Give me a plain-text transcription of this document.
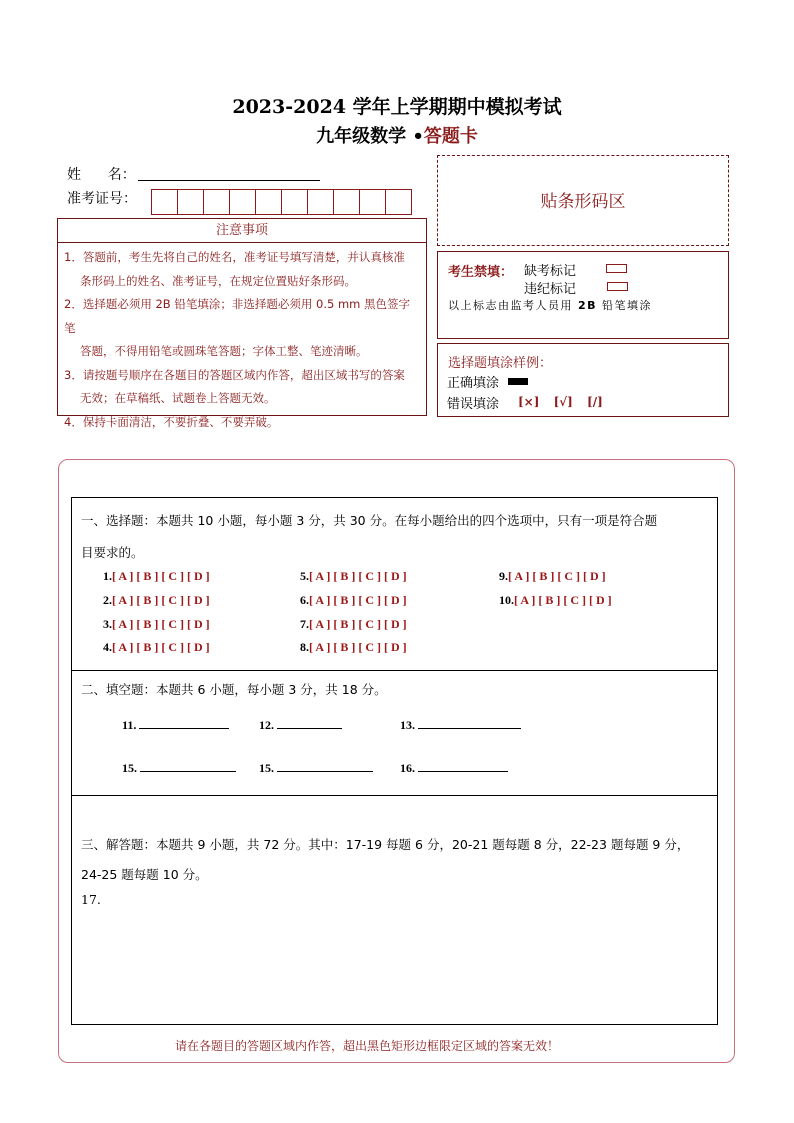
2023-2024 学年上学期期中模拟考试
九年级数学 •答题卡
姓      名：
准考证号：
注意事项

1．答题前，考生先将自己的姓名，准考证号填写清楚，并认真核准

条形码上的姓名、准考证号，在规定位置贴好条形码。

2．选择题必须用 2B 铅笔填涂；非选择题必须用 0.5 mm 黑色签字笔

答题，不得用铅笔或圆珠笔答题；字体工整、笔迹清晰。

3．请按题号顺序在各题目的答题区域内作答，超出区域书写的答案

无效；在草稿纸、试题卷上答题无效。

4．保持卡面清洁，不要折叠、不要弄破。

贴条形码区
考生禁填： 缺考标记
违纪标记
以上标志由监考人员用 2B 铅笔填涂
选择题填涂样例：
正确填涂
错误填涂 [×] [√] [/]
一、选择题：本题共 10 小题，每小题 3 分，共 30 分。在每小题给出的四个选项中，只有一项是符合题
目要求的。
1.[ A ] [ B ] [ C ] [ D ]
2.[ A ] [ B ] [ C ] [ D ]
3.[ A ] [ B ] [ C ] [ D ]
4.[ A ] [ B ] [ C ] [ D ]
5.[ A ] [ B ] [ C ] [ D ]
6.[ A ] [ B ] [ C ] [ D ]
7.[ A ] [ B ] [ C ] [ D ]
8.[ A ] [ B ] [ C ] [ D ]
9.[ A ] [ B ] [ C ] [ D ]
10.[ A ] [ B ] [ C ] [ D ]
二、填空题：本题共 6 小题，每小题 3 分，共 18 分。
11.	12.	13.
15.	15.	16.
三、解答题：本题共 9 小题，共 72 分。其中：17-19 每题 6 分，20-21 题每题 8 分，22-23 题每题 9 分，
24-25 题每题 10 分。
17.
请在各题目的答题区域内作答，超出黑色矩形边框限定区域的答案无效！
